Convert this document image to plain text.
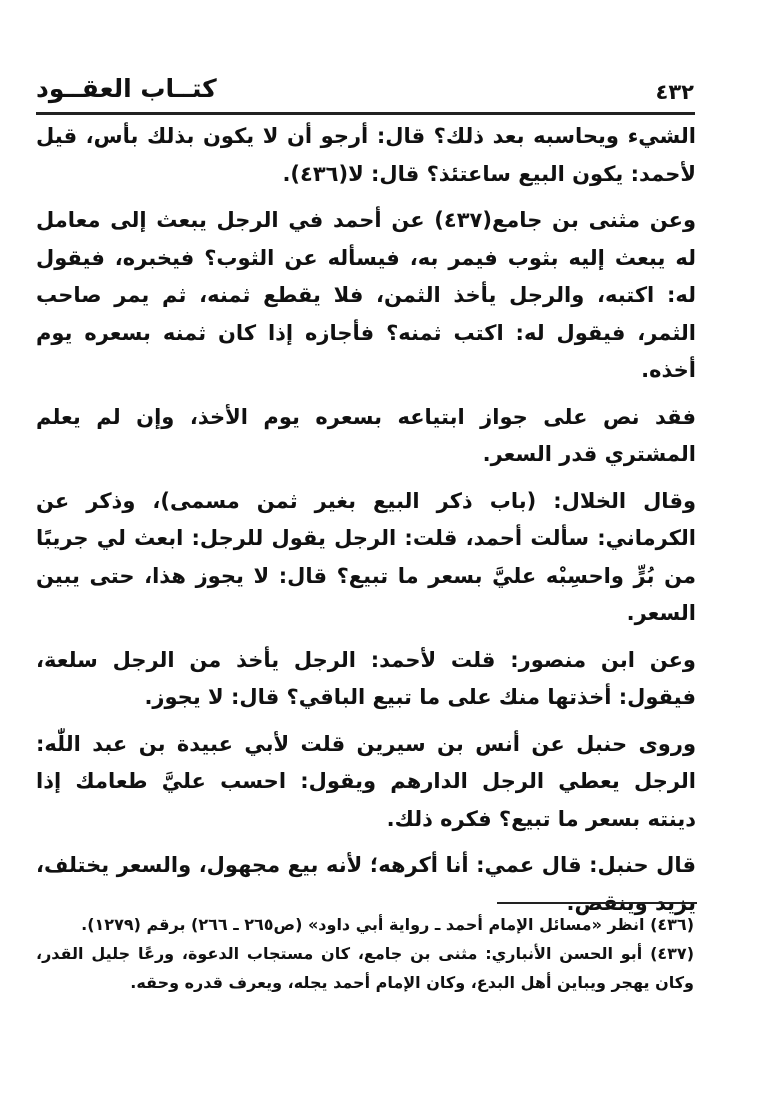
٤٣٢
كتــاب العقــود

الشيء ويحاسبه بعد ذلك؟ قال: أرجو أن لا يكون بذلك بأس، قيل لأحمد: يكون البيع ساعتئذ؟ قال: لا(٤٣٦).

وعن مثنى بن جامع(٤٣٧) عن أحمد في الرجل يبعث إلى معامل له يبعث إليه بثوب فيمر به، فيسأله عن الثوب؟ فيخبره، فيقول له: اكتبه، والرجل يأخذ الثمن، فلا يقطع ثمنه، ثم يمر صاحب الثمر، فيقول له: اكتب ثمنه؟ فأجازه إذا كان ثمنه بسعره يوم أخذه.

فقد نص على جواز ابتياعه بسعره يوم الأخذ، وإن لم يعلم المشتري قدر السعر.

وقال الخلال: (باب ذكر البيع بغير ثمن مسمى)، وذكر عن الكرماني: سألت أحمد، قلت: الرجل يقول للرجل: ابعث لي جريبًا من بُرٍّ واحسِبْه عليَّ بسعر ما تبيع؟ قال: لا يجوز هذا، حتى يبين السعر.

وعن ابن منصور: قلت لأحمد: الرجل يأخذ من الرجل سلعة، فيقول: أخذتها منك على ما تبيع الباقي؟ قال: لا يجوز.

وروى حنبل عن أنس بن سيرين قلت لأبي عبيدة بن عبد اللّٰه: الرجل يعطي الرجل الدارهم ويقول: احسب عليَّ طعامك إذا دينته بسعر ما تبيع؟ فكره ذلك.

قال حنبل: قال عمي: أنا أكرهه؛ لأنه بيع مجهول، والسعر يختلف، يزيد وينقص.

(٤٣٦) انظر «مسائل الإمام أحمد ـ رواية أبي داود» (ص٢٦٥ ـ ٢٦٦) برقم (١٢٧٩).

(٤٣٧) أبو الحسن الأنباري: مثنى بن جامع، كان مستجاب الدعوة، ورعًا جليل القدر، وكان يهجر ويباين أهل البدع، وكان الإمام أحمد يجله، ويعرف قدره وحقه.
